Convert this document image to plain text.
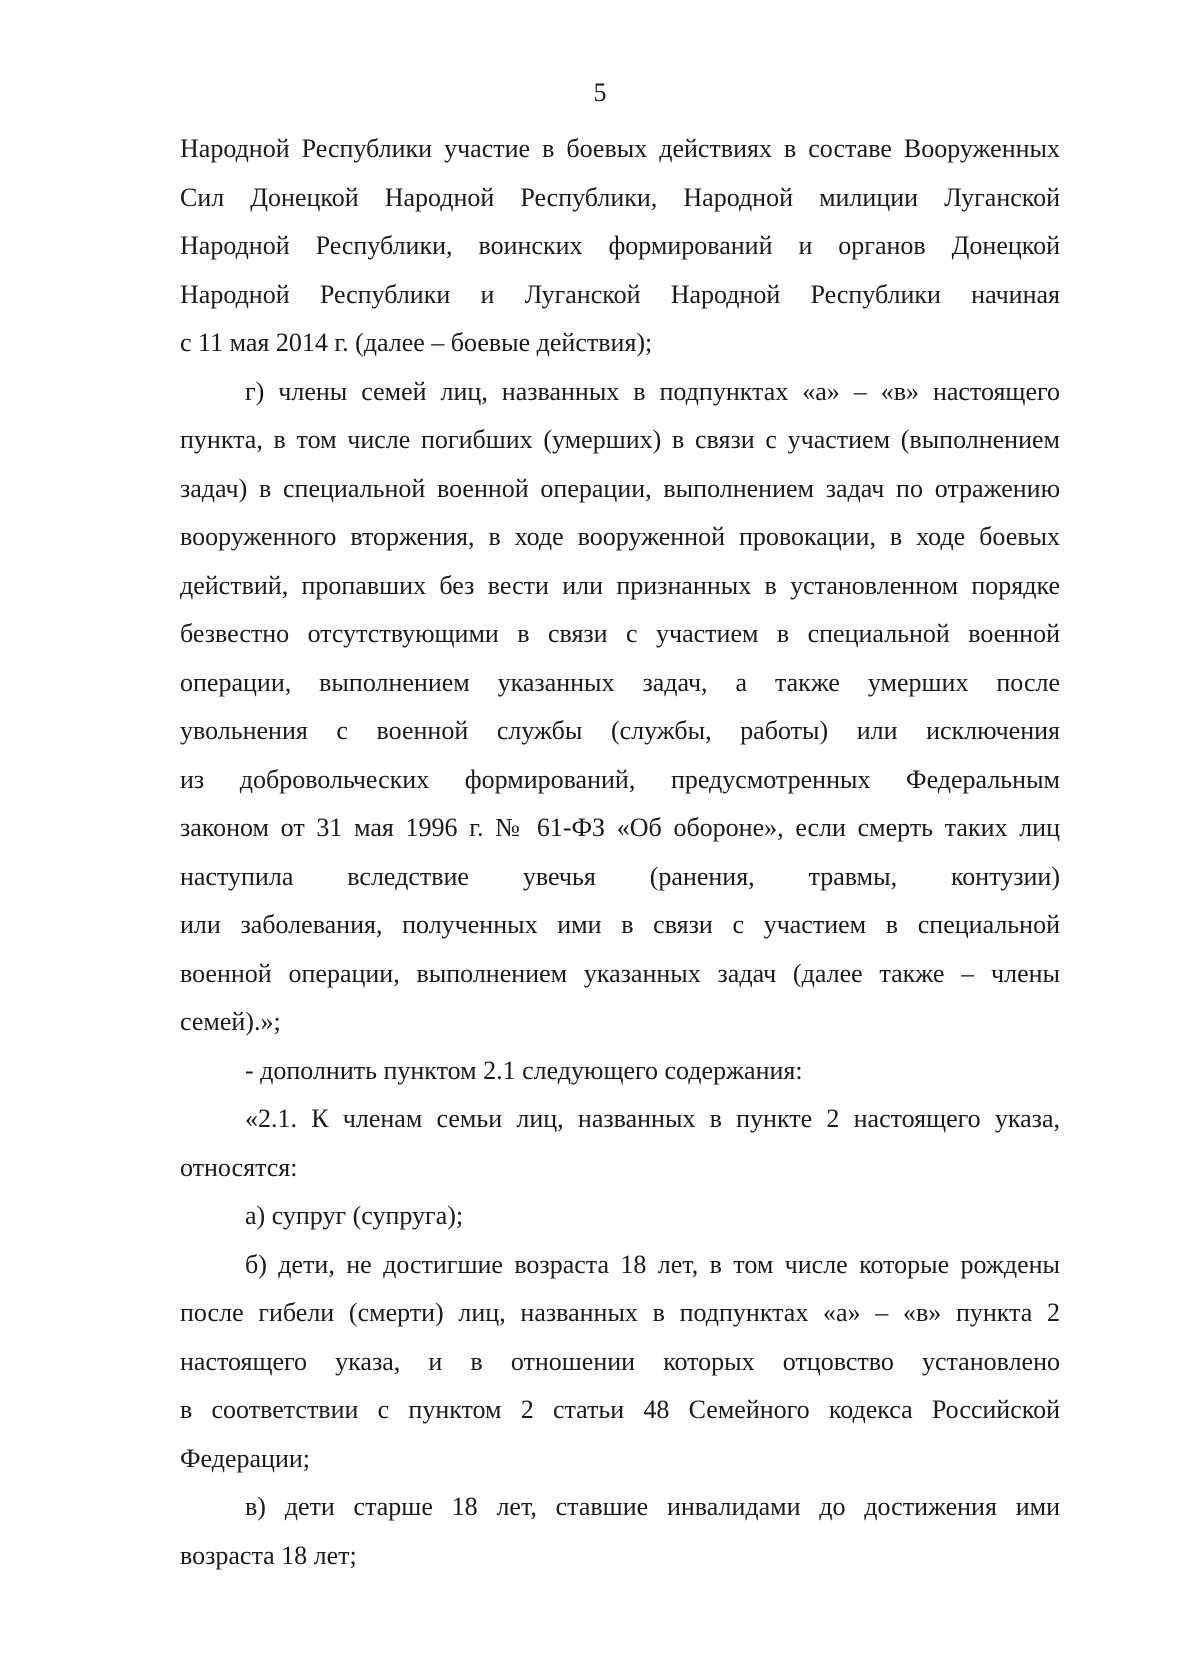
5
Народной Республики участие в боевых действиях в составе Вооруженных
Сил Донецкой Народной Республики, Народной милиции Луганской
Народной Республики, воинских формирований и органов Донецкой
Народной Республики и Луганской Народной Республики начиная
с 11 мая 2014 г. (далее – боевые действия);
г) члены семей лиц, названных в подпунктах «а» – «в» настоящего
пункта, в том числе погибших (умерших) в связи с участием (выполнением
задач) в специальной военной операции, выполнением задач по отражению
вооруженного вторжения, в ходе вооруженной провокации, в ходе боевых
действий, пропавших без вести или признанных в установленном порядке
безвестно отсутствующими в связи с участием в специальной военной
операции, выполнением указанных задач, а также умерших после
увольнения с военной службы (службы, работы) или исключения
из добровольческих формирований, предусмотренных Федеральным
законом от 31 мая 1996 г. № 61-ФЗ «Об обороне», если смерть таких лиц
наступила вследствие увечья (ранения, травмы, контузии)
или заболевания, полученных ими в связи с участием в специальной
военной операции, выполнением указанных задач (далее также – члены
семей).»;
- дополнить пунктом 2.1 следующего содержания:
«2.1. К членам семьи лиц, названных в пункте 2 настоящего указа,
относятся:
а) супруг (супруга);
б) дети, не достигшие возраста 18 лет, в том числе которые рождены
после гибели (смерти) лиц, названных в подпунктах «а» – «в» пункта 2
настоящего указа, и в отношении которых отцовство установлено
в соответствии с пунктом 2 статьи 48 Семейного кодекса Российской
Федерации;
в) дети старше 18 лет, ставшие инвалидами до достижения ими
возраста 18 лет;
